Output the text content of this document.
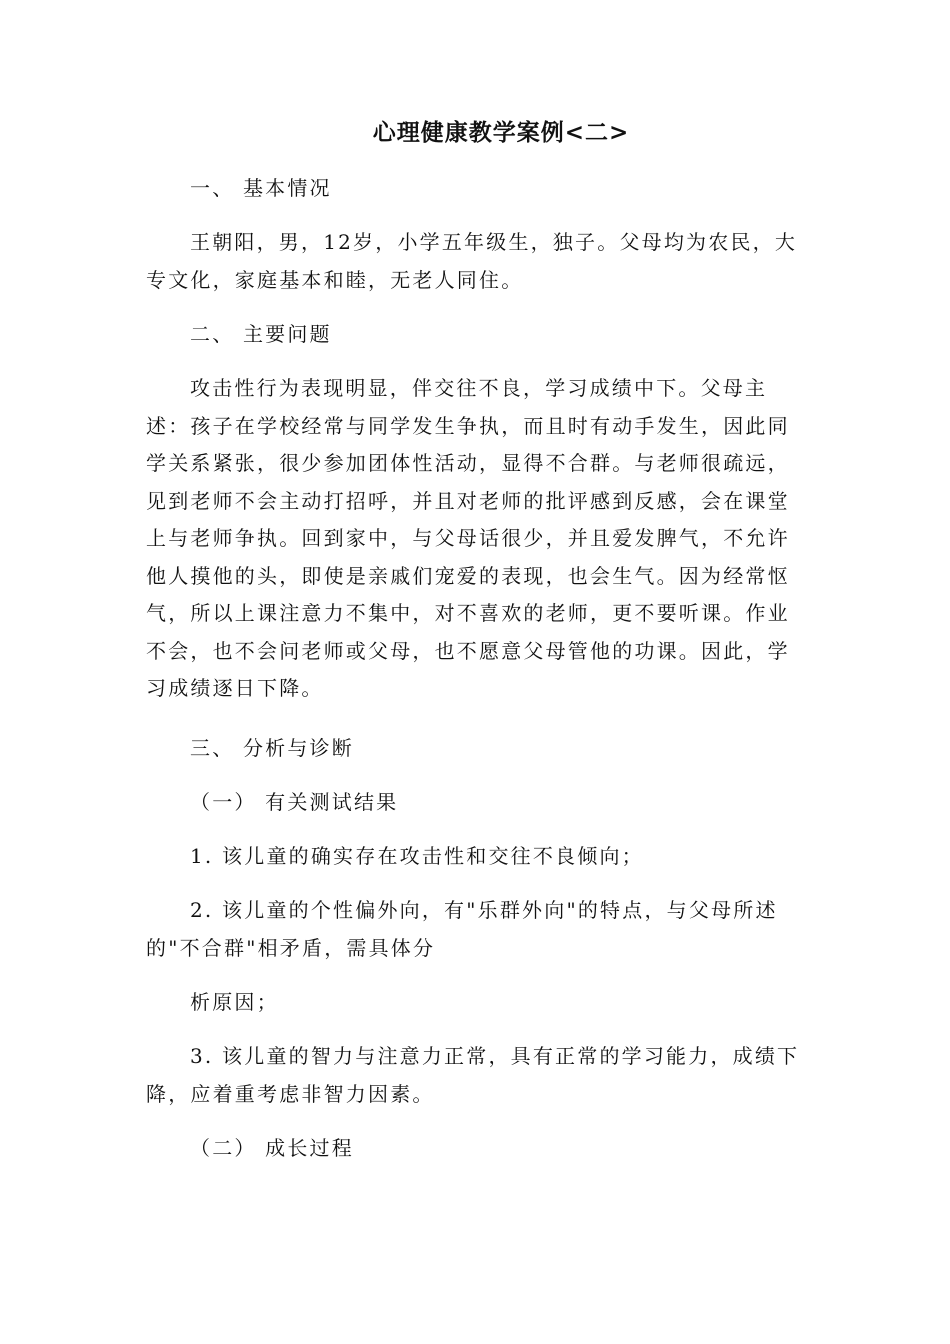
心理健康教学案例<二>
一、 基本情况
王朝阳，男，12岁，小学五年级生，独子。父母均为农民，大专文化，家庭基本和睦，无老人同住。
二、 主要问题
攻击性行为表现明显，伴交往不良，学习成绩中下。父母主述：孩子在学校经常与同学发生争执，而且时有动手发生，因此同学关系紧张，很少参加团体性活动，显得不合群。与老师很疏远，见到老师不会主动打招呼，并且对老师的批评感到反感，会在课堂上与老师争执。回到家中，与父母话很少，并且爱发脾气，不允许他人摸他的头，即使是亲戚们宠爱的表现，也会生气。因为经常怄气，所以上课注意力不集中，对不喜欢的老师，更不要听课。作业不会，也不会问老师或父母，也不愿意父母管他的功课。因此，学习成绩逐日下降。
三、 分析与诊断
（一） 有关测试结果
1. 该儿童的确实存在攻击性和交往不良倾向；
2. 该儿童的个性偏外向，有"乐群外向"的特点，与父母所述的"不合群"相矛盾，需具体分
析原因；
3. 该儿童的智力与注意力正常，具有正常的学习能力，成绩下降，应着重考虑非智力因素。
（二） 成长过程
